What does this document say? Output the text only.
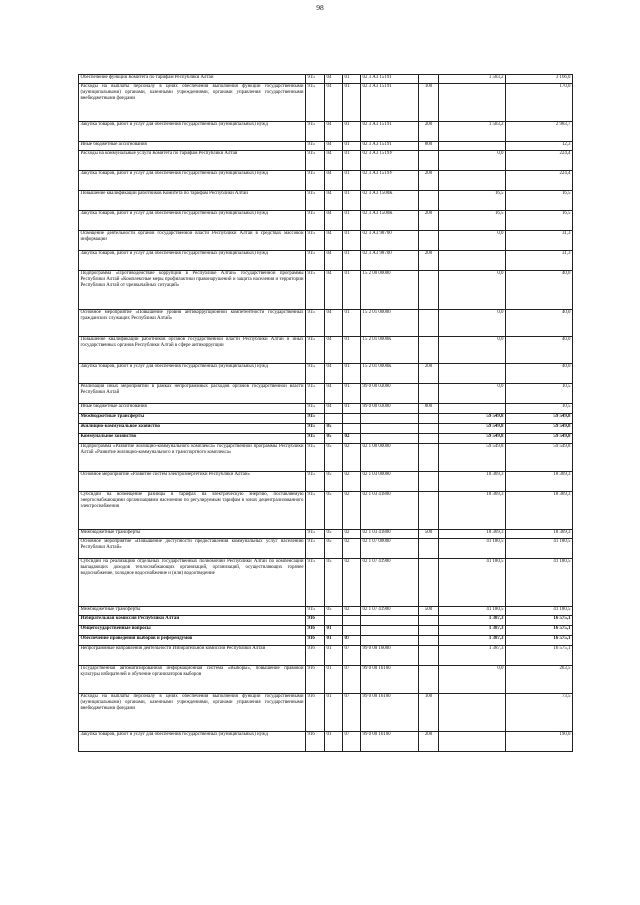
98
Обеспечение функций Комитета по тарифам Республики Алтай	915	04	01	02 3 А3 15191		1 583,2	3 166,0
Расходы на выплаты персоналу в целях обеспечения выполнения функций государственными (муниципальными) органами, казенными учреждениями, органами управления государственными внебюджетными фондами	915	04	01	02 3 А3 15191	100		170,0
Закупка товаров, работ и услуг для обеспечения государственных (муниципальных) нужд	915	04	01	02 3 А3 15191	200	1 583,2	2 983,7
Иные бюджетные ассигнования	915	04	01	02 3 А3 15191	800		12,3
Расходы на коммунальные услуги Комитета по тарифам Республики Алтай	915	04	01	02 3 А3 1519У		0,0	224,4
Закупка товаров, работ и услуг для обеспечения государственных (муниципальных) нужд	915	04	01	02 3 А3 1519У	200		224,4
Повышение квалификации работников Комитета по тарифам Республики Алтай	915	04	01	02 3 А3 1500К		16,5	16,5
Закупка товаров, работ и услуг для обеспечения государственных (муниципальных) нужд	915	04	01	02 3 А3 1500К	200	16,5	16,5
Освещение деятельности органов государственной власти Республики Алтай в средствах массовой информации	915	04	01	02 3 А3 98700		0,0	31,3
Закупка товаров, работ и услуг для обеспечения государственных (муниципальных) нужд	915	04	01	02 3 А3 98700	200		31,3
Подпрограмма «Противодействие коррупции в Республике Алтай» государственной программы Республики Алтай «Комплексные меры профилактики правонарушений и защита населения и территории Республики Алтай от чрезвычайных ситуаций»	915	04	01	15 2 00 00000		0,0	40,0
Основное мероприятие «Повышение уровня антикоррупционной компетентности государственных гражданских служащих Республики Алтай»	915	04	01	15 2 01 00000		0,0	40,0
Повышение квалификации работников органов государственной власти Республики Алтай и иных государственных органов Республики Алтай в сфере антикоррупции	915	04	01	15 2 01 0000К		0,0	40,0
Закупка товаров, работ и услуг для обеспечения государственных (муниципальных) нужд	915	04	01	15 2 01 0000К	200		40,0
Реализация иных мероприятий в рамках непрограммных расходов органов государственной власти Республики Алтай	915	04	01	99 0 00 03000		0,0	10,5
Иные бюджетные ассигнования	915	04	01	99 0 00 03000	800		10,5
Межбюджетные трансферты	915					59 549,8	59 549,8
Жилищно-коммунальное хозяйство	915	05				59 549,8	59 549,8
Коммунальное хозяйство	915	05	02			59 549,8	59 549,8
Подпрограмма «Развитие жилищно-коммунального комплекса» государственной программы Республики Алтай «Развитие жилищно-коммунального и транспортного комплекса»	915	05	02	02 1 00 00000		59 549,8	59 549,8
Основное мероприятие «Развитие систем электроэнергетики Республики Алтай»	915	05	02	02 1 03 00000		18 369,3	18 369,3
Субсидии на возмещение разницы в тарифах на электрическую энергию, поставляемую энергоснабжающими организациями населению по регулируемым тарифам в зонах децентрализованного электроснабжения	915	05	02	02 1 03 41800		18 369,3	18 369,3
Межбюджетные трансферты	915	05	02	02 1 03 41800	500	18 369,3	18 369,3
Основное мероприятие «Повышение доступности предоставления коммунальных услуг населению Республики Алтай»	915	05	02	02 1 07 00000		41 180,5	41 180,5
Субсидии на реализацию отдельных государственных полномочий Республики Алтай по компенсации выпадающих доходов теплоснабжающих организаций, организаций, осуществляющих горячее водоснабжение, холодное водоснабжение и (или) водоотведение	915	05	02	02 1 07 41900		41 180,5	41 180,5
Межбюджетные трансферты	915	05	02	02 1 07 41900	500	41 180,5	41 180,5
Избирательная комиссия Республики Алтай	916					1 387,3	16 575,1
Общегосударственные вопросы	916	01				1 387,3	16 575,1
Обеспечение проведения выборов и референдумов	916	01	07			1 387,3	16 575,1
Непрограммные направления деятельности Избирательной комиссии Республики Алтай	916	01	07	99 0 00 16000		1 387,3	16 575,1
Государственная автоматизированная информационная система «Выборы», повышение правовой культуры избирателей и обучение организаторов выборов	916	01	07	99 0 00 16100		0,0	263,5
Расходы на выплаты персоналу в целях обеспечения выполнения функций государственными (муниципальными) органами, казенными учреждениями, органами управления государственными внебюджетными фондами	916	01	07	99 0 00 16100	100		73,5
Закупка товаров, работ и услуг для обеспечения государственных (муниципальных) нужд	916	01	07	99 0 00 16100	200		190,0
